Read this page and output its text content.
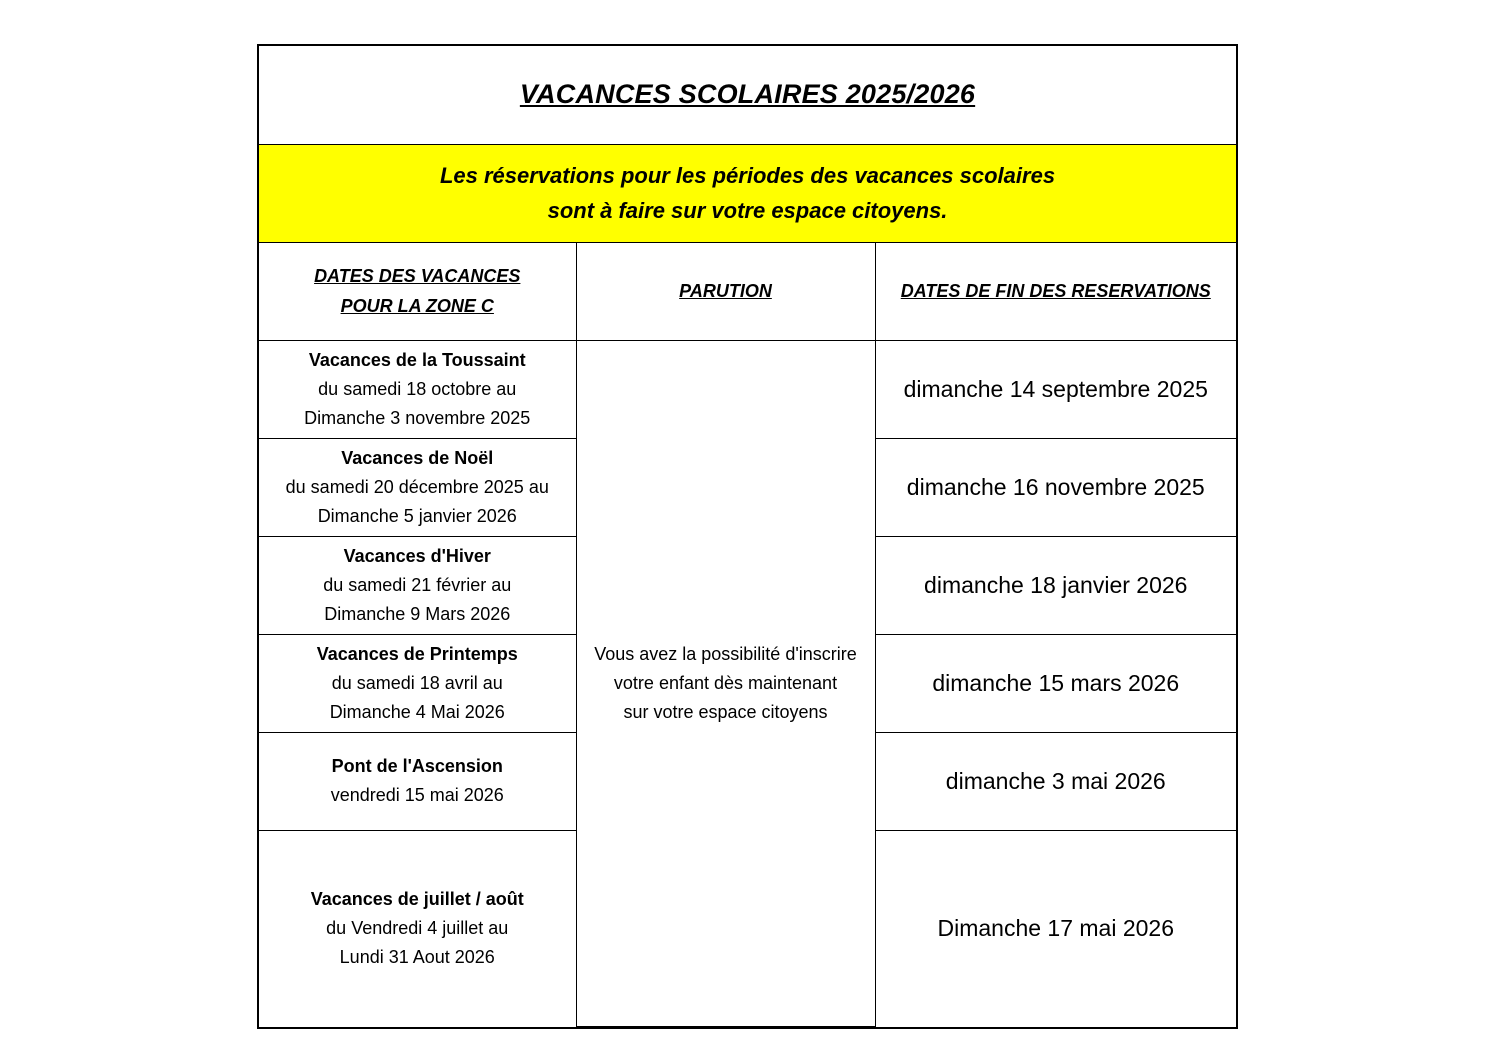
VACANCES SCOLAIRES 2025/2026		
Les réservations pour les périodes des vacances scolaires
sont à faire sur votre espace citoyens.		
DATES DES VACANCES
POUR LA ZONE C	PARUTION	DATES DE FIN DES RESERVATIONS

Vacances de la Toussaint
du samedi 18 octobre au
Dimanche 3 novembre 2025	Vous avez la possibilité d'inscrire
votre enfant dès maintenant
sur votre espace citoyens	dimanche 14 septembre 2025

Vacances de Noël
du samedi 20 décembre 2025 au
Dimanche 5 janvier 2026		dimanche 16 novembre 2025

Vacances d'Hiver
du samedi 21 février au
Dimanche 9 Mars 2026		dimanche 18 janvier 2026

Vacances de Printemps
du samedi 18 avril au
Dimanche 4 Mai 2026		dimanche 15 mars 2026

Pont de l'Ascension
vendredi 15 mai 2026		dimanche 3 mai 2026

Vacances de juillet / août
du Vendredi 4 juillet au
Lundi 31 Aout 2026		Dimanche 17 mai 2026
